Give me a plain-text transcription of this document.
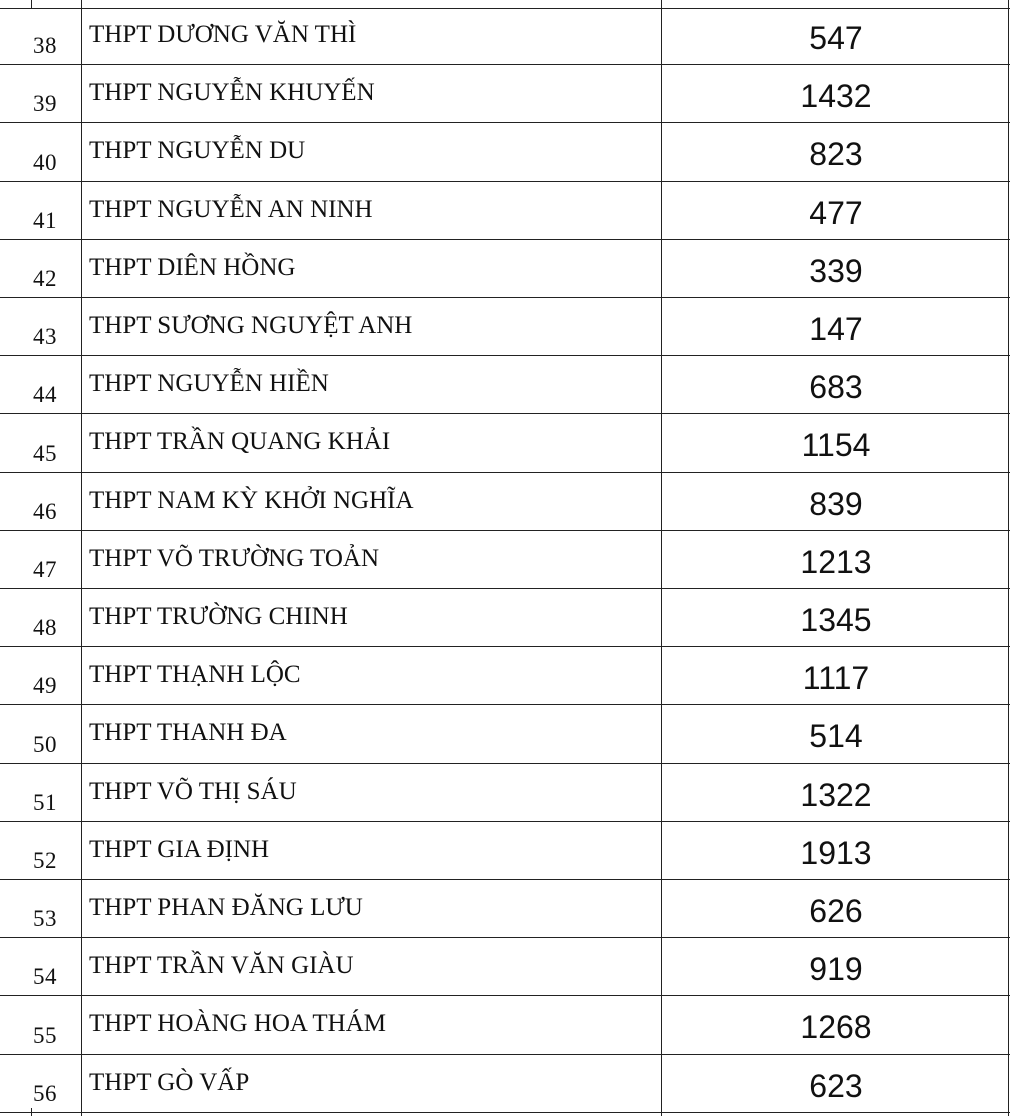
38 THPT DƯƠNG VĂN THÌ	547
39 THPT NGUYỄN KHUYẾN	1432
40 THPT NGUYỄN DU	823
41 THPT NGUYỄN AN NINH	477
42 THPT DIÊN HỒNG	339
43 THPT SƯƠNG NGUYỆT ANH	147
44 THPT NGUYỄN HIỀN	683
45 THPT TRẦN QUANG KHẢI	1154
46 THPT NAM KỲ KHỞI NGHĨA	839
47 THPT VÕ TRƯỜNG TOẢN	1213
48 THPT TRƯỜNG CHINH	1345
49 THPT THẠNH LỘC	1117
50 THPT THANH ĐA	514
51 THPT VÕ THỊ SÁU	1322
52 THPT GIA ĐỊNH	1913
53 THPT PHAN ĐĂNG LƯU	626
54 THPT TRẦN VĂN GIÀU	919
55 THPT HOÀNG HOA THÁM	1268
56 THPT GÒ VẤP	623
